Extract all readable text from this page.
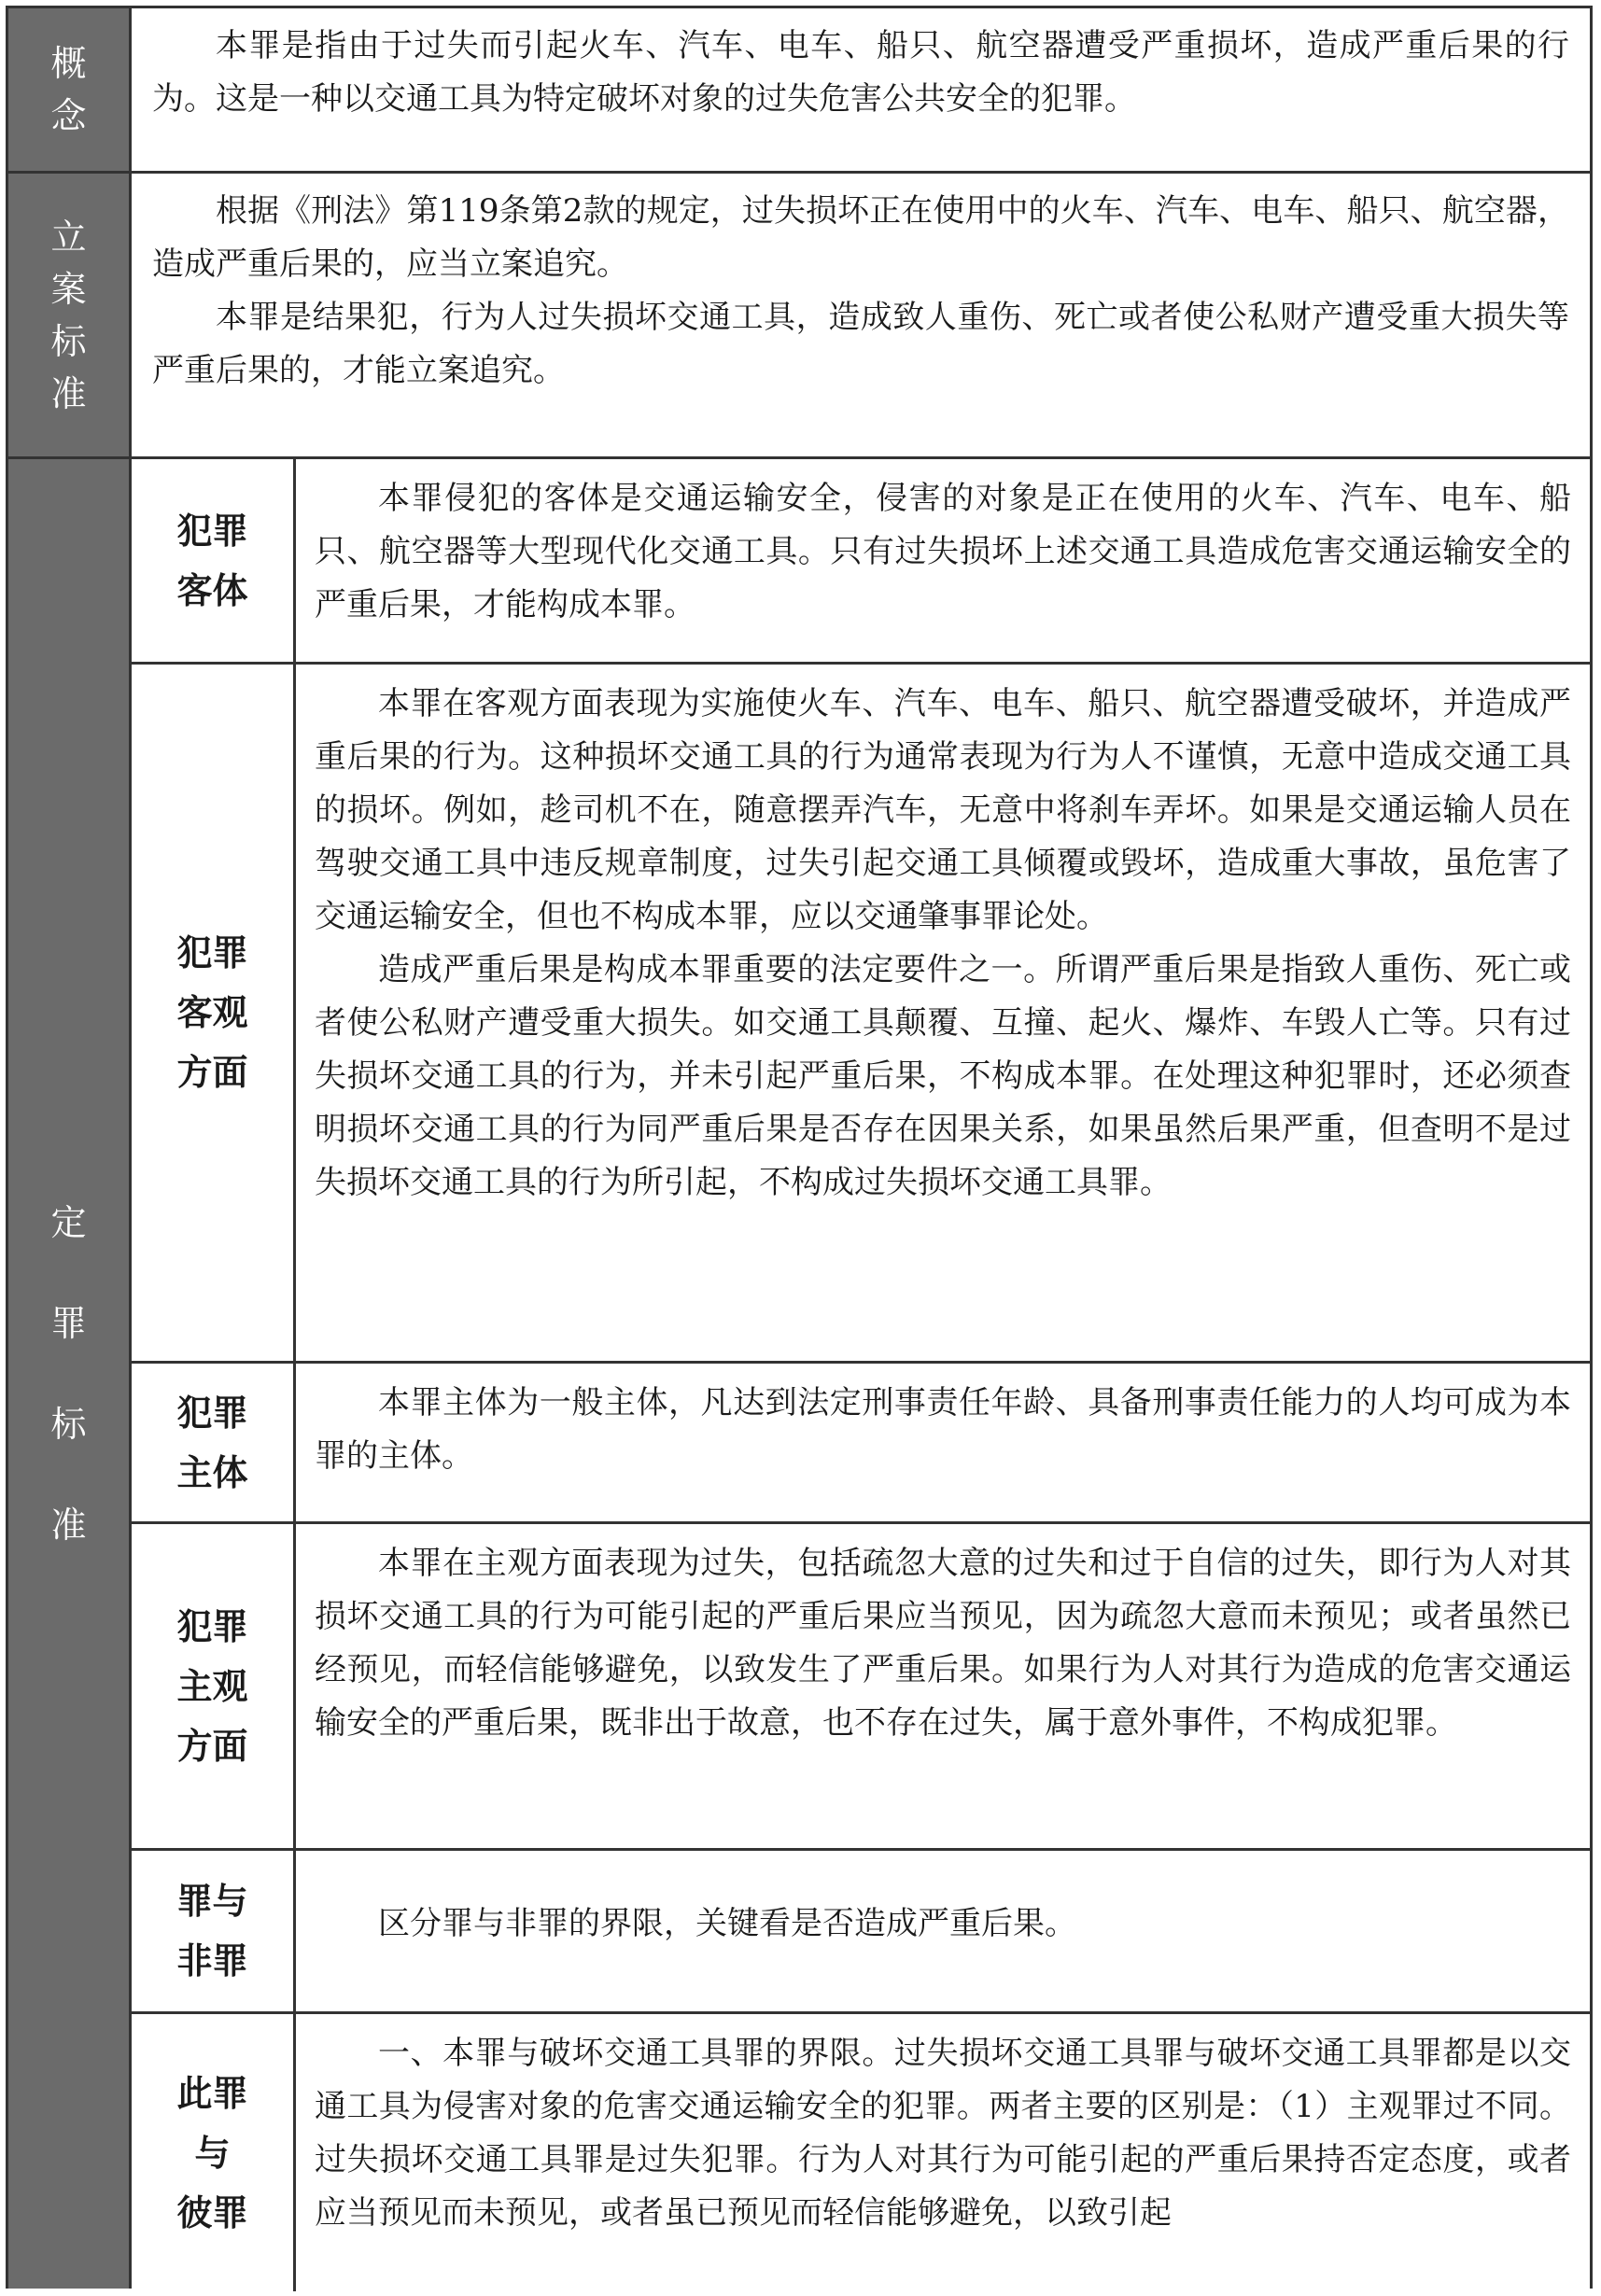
概
念

本罪是指由于过失而引起火车、汽车、电车、船只、航空器遭受严重损坏，造成严重后果的行为。这是一种以交通工具为特定破坏对象的过失危害公共安全的犯罪。

立
案
标
准

根据《刑法》第119条第2款的规定，过失损坏正在使用中的火车、汽车、电车、船只、航空器，造成严重后果的，应当立案追究。

本罪是结果犯，行为人过失损坏交通工具，造成致人重伤、死亡或者使公私财产遭受重大损失等严重后果的，才能立案追究。

定
罪
标
准
犯罪
客体

本罪侵犯的客体是交通运输安全，侵害的对象是正在使用的火车、汽车、电车、船只、航空器等大型现代化交通工具。只有过失损坏上述交通工具造成危害交通运输安全的严重后果，才能构成本罪。

犯罪
客观
方面

本罪在客观方面表现为实施使火车、汽车、电车、船只、航空器遭受破坏，并造成严重后果的行为。这种损坏交通工具的行为通常表现为行为人不谨慎，无意中造成交通工具的损坏。例如，趁司机不在，随意摆弄汽车，无意中将刹车弄坏。如果是交通运输人员在驾驶交通工具中违反规章制度，过失引起交通工具倾覆或毁坏，造成重大事故，虽危害了交通运输安全，但也不构成本罪，应以交通肇事罪论处。

造成严重后果是构成本罪重要的法定要件之一。所谓严重后果是指致人重伤、死亡或者使公私财产遭受重大损失。如交通工具颠覆、互撞、起火、爆炸、车毁人亡等。只有过失损坏交通工具的行为，并未引起严重后果，不构成本罪。在处理这种犯罪时，还必须查明损坏交通工具的行为同严重后果是否存在因果关系，如果虽然后果严重，但查明不是过失损坏交通工具的行为所引起，不构成过失损坏交通工具罪。

犯罪
主体

本罪主体为一般主体，凡达到法定刑事责任年龄、具备刑事责任能力的人均可成为本罪的主体。

犯罪
主观
方面

本罪在主观方面表现为过失，包括疏忽大意的过失和过于自信的过失，即行为人对其损坏交通工具的行为可能引起的严重后果应当预见，因为疏忽大意而未预见；或者虽然已经预见，而轻信能够避免，以致发生了严重后果。如果行为人对其行为造成的危害交通运输安全的严重后果，既非出于故意，也不存在过失，属于意外事件，不构成犯罪。

罪与
非罪

区分罪与非罪的界限，关键看是否造成严重后果。

此罪
与
彼罪

一、本罪与破坏交通工具罪的界限。过失损坏交通工具罪与破坏交通工具罪都是以交通工具为侵害对象的危害交通运输安全的犯罪。两者主要的区别是：（1）主观罪过不同。过失损坏交通工具罪是过失犯罪。行为人对其行为可能引起的严重后果持否定态度，或者应当预见而未预见，或者虽已预见而轻信能够避免，以致引起
